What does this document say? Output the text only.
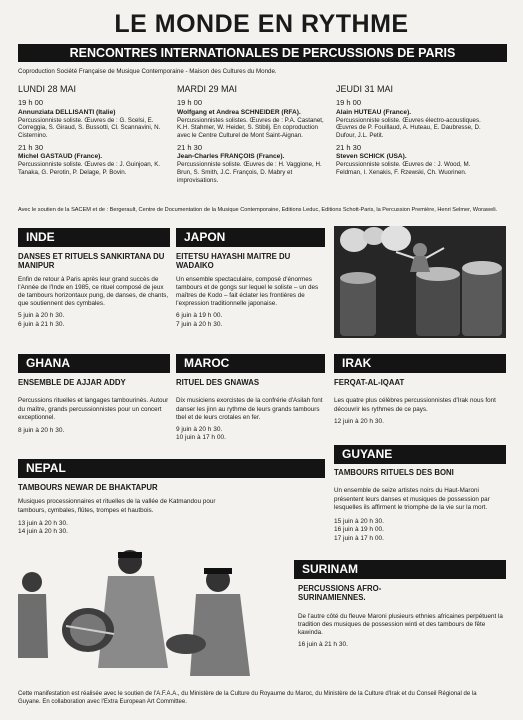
LE MONDE EN RYTHME
RENCONTRES INTERNATIONALES DE PERCUSSIONS DE PARIS
Coproduction Société Française de Musique Contemporaine - Maison des Cultures du Monde.
LUNDI 28 MAI
19 h 00
Annunziata DELLISANTI (Italie)

Percussionniste soliste. Œuvres de : G. Scelsi, E. Correggia, S. Giraud, S. Bussotti, Cl. Scannavini, N. Cisternino.

21 h 30
Michel GASTAUD (France).

Percussionniste soliste. Œuvres de : J. Guinjoan, K. Tanaka, G. Perotin, P. Delage, P. Bovin.

MARDI 29 MAI
19 h 00
Wolfgang et Andrea SCHNEIDER (RFA).

Percussionnistes solistes. Œuvres de : P.A. Castanet, K.H. Stahmer, W. Heider, S. Stibilj. En coproduction avec le Centre Culturel de Mont Saint-Aignan.

21 h 30
Jean-Charles FRANÇOIS (France).

Percussionniste soliste. Œuvres de : H. Vaggione, H. Brun, S. Smith, J.C. François, D. Mabry et improvisations.

JEUDI 31 MAI
19 h 00
Alain HUTEAU (France).

Percussionniste soliste. Œuvres électro-acoustiques. Œuvres de P. Fouillaud, A. Huteau, E. Daubresse, D. Dufour, J.L. Petit.

21 h 30
Steven SCHICK (USA).

Percussionniste soliste. Œuvres de : J. Wood, M. Feldman, I. Xenakis, F. Rzewski, Ch. Wuorinen.

Avec le soutien de la SACEM et de : Bergerault, Centre de Documentation de la Musique Contemporaine, Editions Leduc, Editions Schott-Paris, la Percussion Première, Henri Selmer, Woraweli.
INDE
DANSES ET RITUELS SANKIRTANA DU MANIPUR
Enfin de retour à Paris après leur grand succès de l'Année de l'Inde en 1985, ce rituel composé de jeux de tambours horizontaux pung, de danses, de chants, que soutiennent des cymbales.
5 juin à 20 h 30.
6 juin à 21 h 30.
JAPON
EITETSU HAYASHI MAITRE DU WADAIKO
Un ensemble spectaculaire, composé d'énormes tambours et de gongs sur lequel le soliste – un des maîtres de Kodo – fait éclater les frontières de l'expression traditionnelle japonaise.
6 juin à 19 h 00.
7 juin à 20 h 30.
GHANA
ENSEMBLE DE AJJAR ADDY
Percussions rituelles et langages tambourinés. Autour du maître, grands percussionnistes pour un concert exceptionnel.
8 juin à 20 h 30.
MAROC
RITUEL DES GNAWAS
Dix musiciens exorcistes de la confrérie d'Asilah font danser les jinn au rythme de leurs grands tambours tbel et de leurs crotales en fer.
9 juin à 20 h 30.
10 juin à 17 h 00.
IRAK
FERQAT-AL-IQAAT
Les quatre plus célèbres percussionnistes d'Irak nous font découvrir les rythmes de ce pays.
12 juin à 20 h 30.
NEPAL
TAMBOURS NEWAR DE BHAKTAPUR
Musiques processionnaires et rituelles de la vallée de Katmandou pour tambours, cymbales, flûtes, trompes et hautbois.
13 juin à 20 h 30.
14 juin à 20 h 30.
GUYANE
TAMBOURS RITUELS DES BONI
Un ensemble de seize artistes noirs du Haut-Maroni présentent leurs danses et musiques de possession par lesquelles ils affirment le triomphe de la vie sur la mort.
15 juin à 20 h 30.
16 juin à 19 h 00.
17 juin à 17 h 00.
SURINAM
PERCUSSIONS AFRO-SURINAMIENNES.
De l'autre côté du fleuve Maroni plusieurs ethnies africaines perpétuent la tradition des musiques de possession winti et des tambours de fête kawinda.
16 juin à 21 h 30.
Cette manifestation est réalisée avec le soutien de l'A.F.A.A., du Ministère de la Culture du Royaume du Maroc, du Ministère de la Culture d'Irak et du Conseil Régional de la Guyane. En collaboration avec l'Extra European Art Committee.
